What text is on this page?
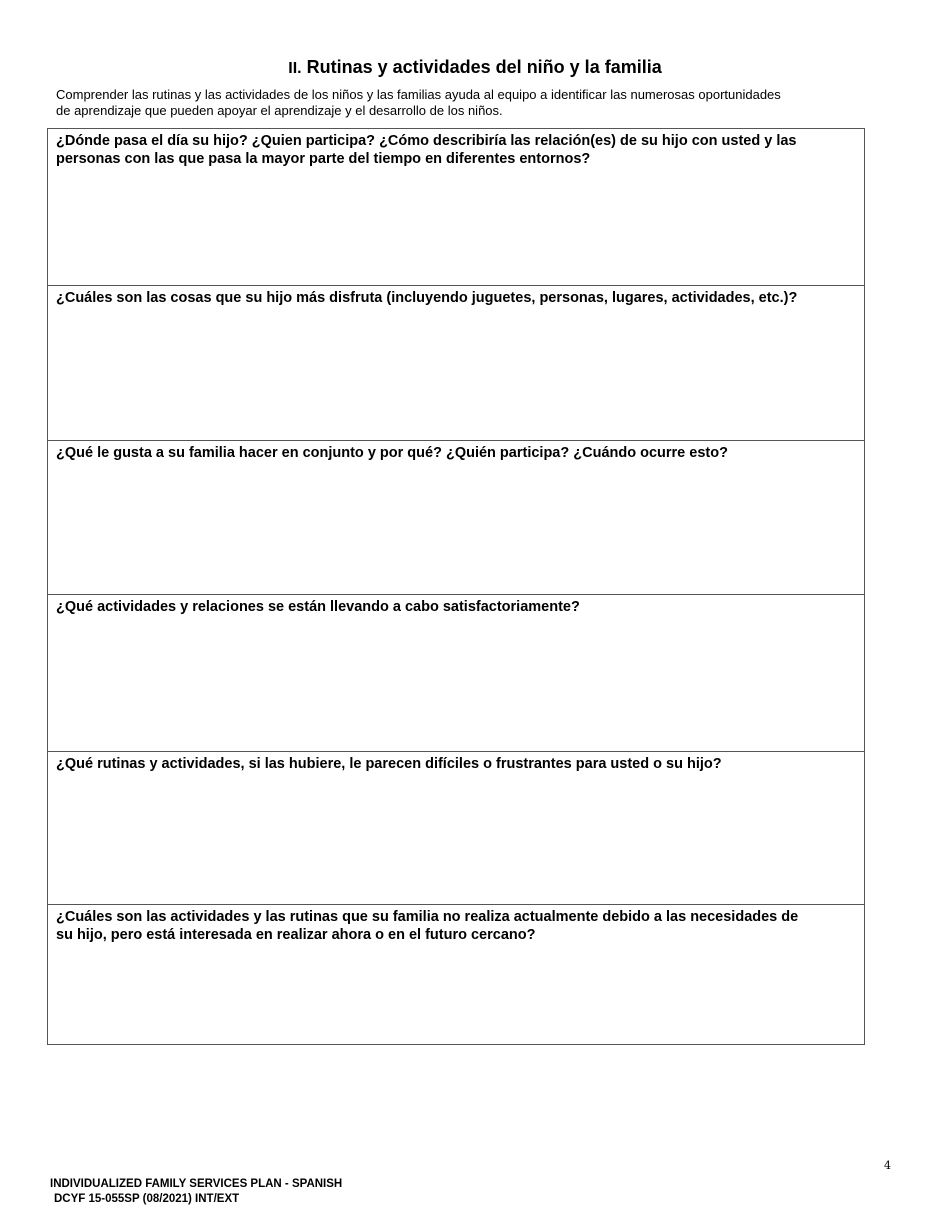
II. Rutinas y actividades del niño y la familia
Comprender las rutinas y las actividades de los niños y las familias ayuda al equipo a identificar las numerosas oportunidades
de aprendizaje que pueden apoyar el aprendizaje y el desarrollo de los niños.
¿Dónde pasa el día su hijo? ¿Quien participa? ¿Cómo describiría las relación(es) de su hijo con usted y las
personas con las que pasa la mayor parte del tiempo en diferentes entornos?
¿Cuáles son las cosas que su hijo más disfruta (incluyendo juguetes, personas, lugares, actividades, etc.)?
¿Qué le gusta a su familia hacer en conjunto y por qué? ¿Quién participa? ¿Cuándo ocurre esto?
¿Qué actividades y relaciones se están llevando a cabo satisfactoriamente?
¿Qué rutinas y actividades, si las hubiere, le parecen difíciles o frustrantes para usted o su hijo?
¿Cuáles son las actividades y las rutinas que su familia no realiza actualmente debido a las necesidades de
su hijo, pero está interesada en realizar ahora o en el futuro cercano?
4
INDIVIDUALIZED FAMILY SERVICES PLAN - SPANISH
DCYF 15-055SP (08/2021) INT/EXT
